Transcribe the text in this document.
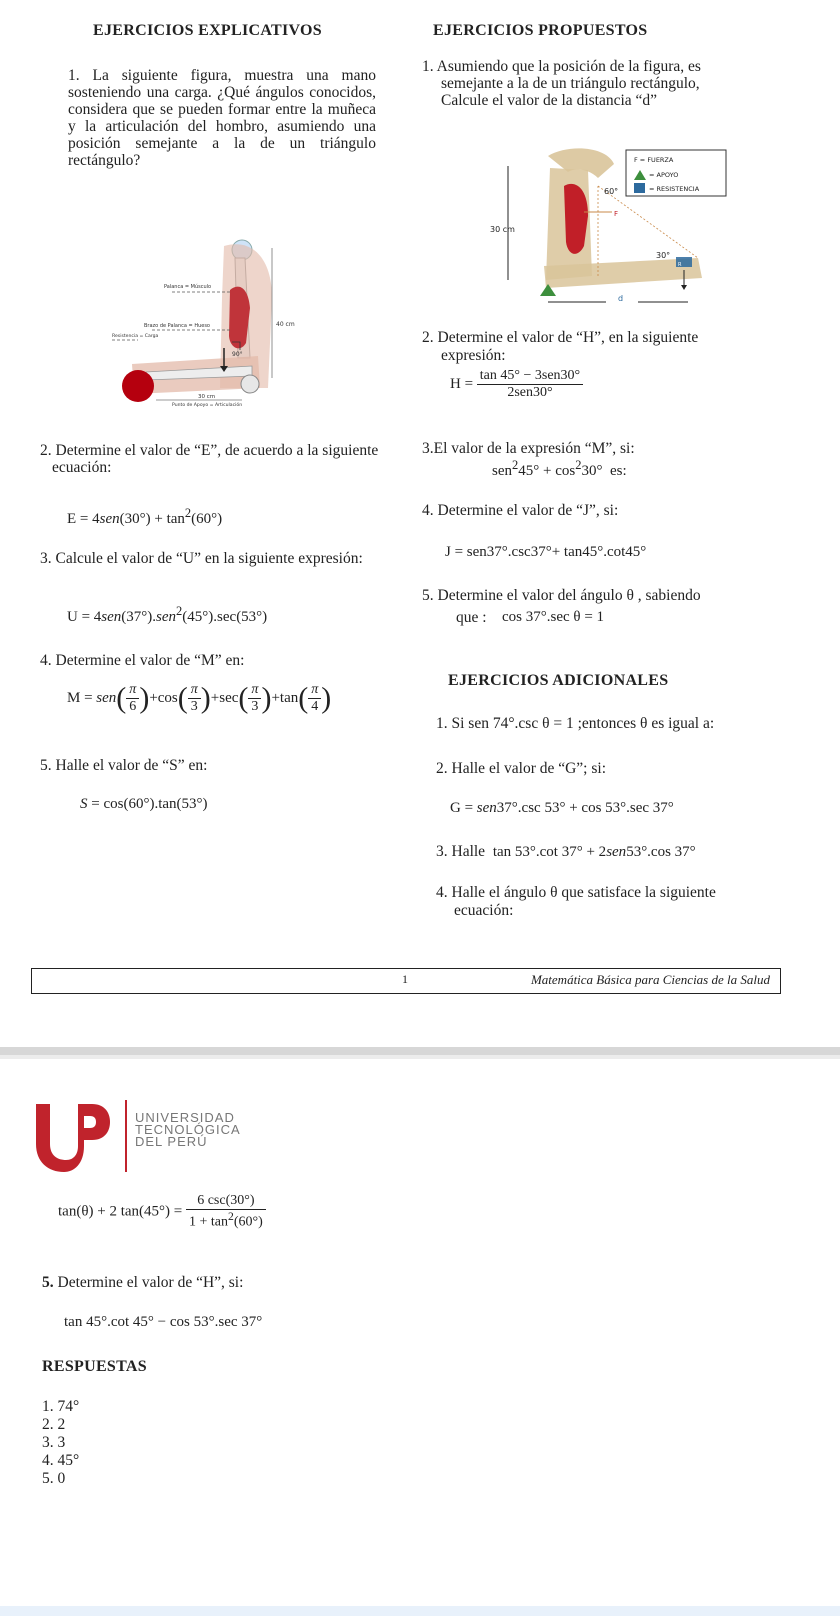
EJERCICIOS EXPLICATIVOS
1. La siguiente figura, muestra una mano sosteniendo una carga. ¿Qué ángulos conocidos, considera que se pueden formar entre la muñeca y la articulación del hombro, asumiendo una posición semejante a la de un triángulo rectángulo?
Palanca = Músculo
Brazo de Palanca = Hueso
Resistencia = Carga
40 cm
90°
30 cm
Punto de Apoyo = Articulación
2. Determine el valor de “E”, de acuerdo a la siguiente ecuación:
$E = 4sen(30^\circ) + \tan^2(60^\circ)$
3. Calcule el valor de “U” en la siguiente expresión:
U = 4sen(37°).sen$^2$(45°).sec(53°)
4. Determine el valor de “M” en:
$M = sen( \frac{\pi}{6} )+\cos( \frac{\pi}{3} )+\sec( \frac{\pi}{3} )+\tan( \frac{\pi}{4}$ )
5. Halle el valor de “S” en:
S = cos(60°).tan(53°)
EJERCICIOS PROPUESTOS
1. Asumiendo que la posición de la figura, es
semejante a la de un triángulo rectángulo,
Calcule el valor de la distancia “d”
F = FUERZA
= APOYO
= RESISTENCIA
30 cm
F
R
60°
30°
d
2. Determine el valor de “H”, en la siguiente
expresión:
$H = \frac{\text{tan 45° − 3sen30°}}{\text{2sen30°}}$
3.El valor de la expresión “M”, si:
$sen^245^\circ + \cos^230^\circ$ es:
4. Determine el valor de “J”, si:
J = sen37°.csc37°+ tan45°.cot45°
5. Determine el valor del ángulo θ , sabiendo
que : cos 37°.sec θ = 1
EJERCICIOS ADICIONALES
1. Si sen 74°.csc θ = 1 ;entonces θ es igual a:
2. Halle el valor de “G”; si:
G = sen37°.csc 53° + cos 53°.sec 37°
3. Halle tan 53°.cot 37° + 2sen53°.cos 37°
4. Halle el ángulo θ que satisface la siguiente
ecuación:
1	Matemática Básica para Ciencias de la Salud
UNIVERSIDAD
TECNOLÓGICA
DEL PERÚ
tan(θ) + 2 $\tan(45^\circ) = \frac{6 \csc(30^\circ)}{1 + \tan^2(60^\circ)}$
5. Determine el valor de “H”, si:
tan 45°.cot 45° − cos 53°.sec 37°
RESPUESTAS
1. 74°
2. 2
3. 3
4. 45°
5. 0
